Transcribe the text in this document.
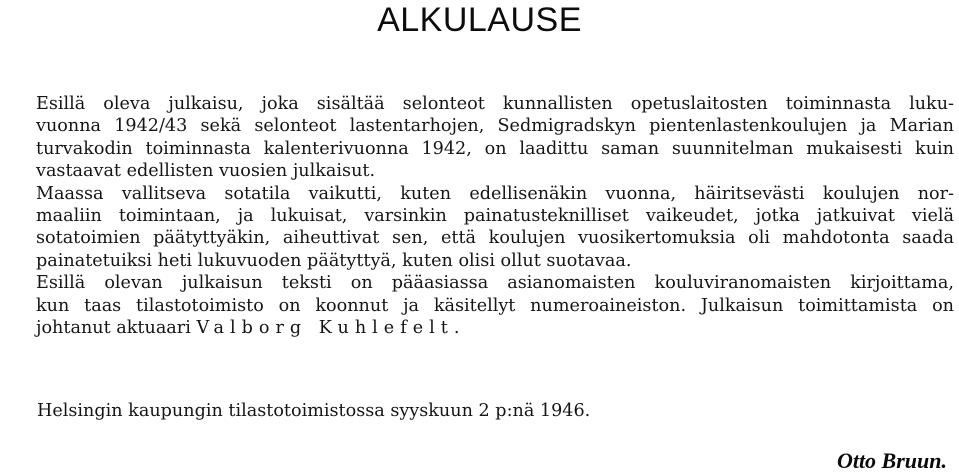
ALKULAUSE

Esillä oleva julkaisu, joka sisältää selonteot kunnallisten opetuslaitosten toiminnasta luku-
vuonna 1942/43 sekä selonteot lastentarhojen, Sedmigradskyn pientenlastenkoulujen ja Marian
turvakodin toiminnasta kalenterivuonna 1942, on laadittu saman suunnitelman mukaisesti kuin
vastaavat edellisten vuosien julkaisut.

Maassa vallitseva sotatila vaikutti, kuten edellisenäkin vuonna, häiritsevästi koulujen nor-
maaliin toimintaan, ja lukuisat, varsinkin painatusteknilliset vaikeudet, jotka jatkuivat vielä
sotatoimien päätyttyäkin, aiheuttivat sen, että koulujen vuosikertomuksia oli mahdotonta saada
painatetuiksi heti lukuvuoden päätyttyä, kuten olisi ollut suotavaa.

Esillä olevan julkaisun teksti on pääasiassa asianomaisten kouluviranomaisten kirjoittama,
kun taas tilastotoimisto on koonnut ja käsitellyt numeroaineiston. Julkaisun toimittamista on
johtanut aktuaari Valborg Kuhlefelt.

Helsingin kaupungin tilastotoimistossa syyskuun 2 p:nä 1946.
Otto Bruun.
